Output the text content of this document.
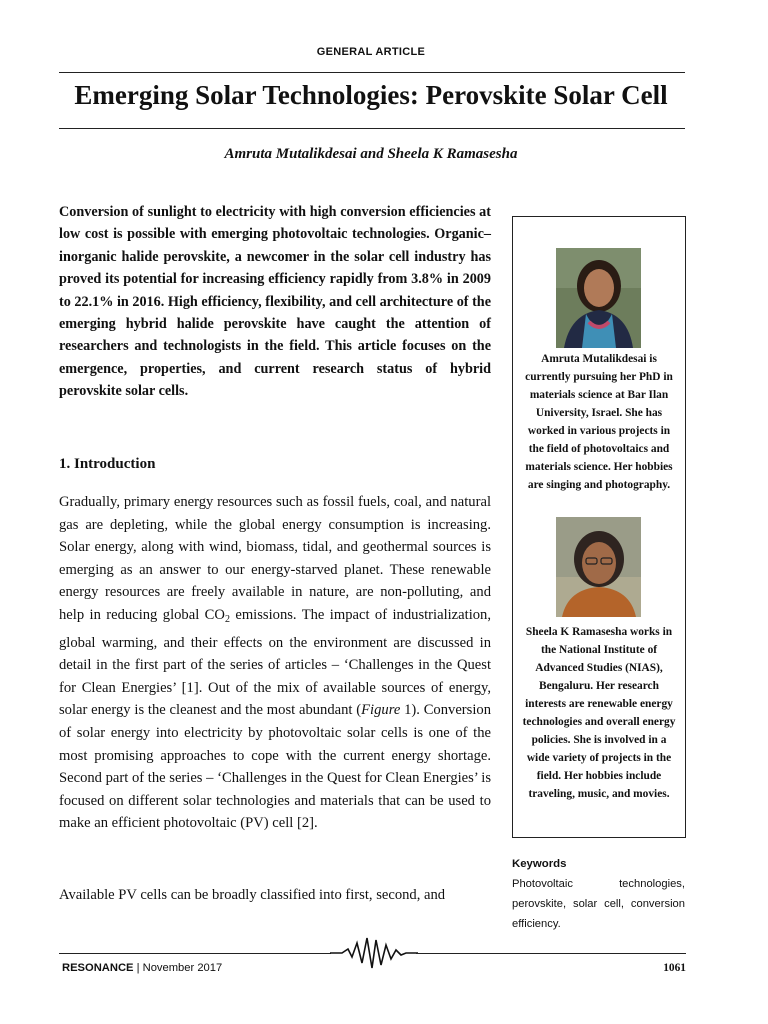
GENERAL ARTICLE
Emerging Solar Technologies: Perovskite Solar Cell
Amruta Mutalikdesai and Sheela K Ramasesha
Conversion of sunlight to electricity with high conversion efficiencies at low cost is possible with emerging photovoltaic technologies. Organic–inorganic halide perovskite, a newcomer in the solar cell industry has proved its potential for increasing efficiency rapidly from 3.8% in 2009 to 22.1% in 2016. High efficiency, flexibility, and cell architecture of the emerging hybrid halide perovskite have caught the attention of researchers and technologists in the field. This article focuses on the emergence, properties, and current research status of hybrid perovskite solar cells.
1. Introduction
Gradually, primary energy resources such as fossil fuels, coal, and natural gas are depleting, while the global energy consumption is increasing. Solar energy, along with wind, biomass, tidal, and geothermal sources is emerging as an answer to our energy-starved planet. These renewable energy resources are freely available in nature, are non-polluting, and help in reducing global $CO_2$ emissions. The impact of industrialization, global warming, and their effects on the environment are discussed in detail in the first part of the series of articles – ‘Challenges in the Quest for Clean Energies’ [1]. Out of the mix of available sources of energy, solar energy is the cleanest and the most abundant (Figure 1). Conversion of solar energy into electricity by photovoltaic solar cells is one of the most promising approaches to cope with the current energy shortage. Second part of the series – ‘Challenges in the Quest for Clean Energies’ is focused on different solar technologies and materials that can be used to make an efficient photovoltaic (PV) cell [2].
Available PV cells can be broadly classified into first, second, and
Amruta Mutalikdesai is currently pursuing her PhD in materials science at Bar Ilan University, Israel. She has worked in various projects in the field of photovoltaics and materials science. Her hobbies are singing and photography.
Sheela K Ramasesha works in the National Institute of Advanced Studies (NIAS), Bengaluru. Her research interests are renewable energy technologies and overall energy policies. She is involved in a wide variety of projects in the field. Her hobbies include traveling, music, and movies.
Keywords
Photovoltaic technologies, perovskite, solar cell, conversion efficiency.
RESONANCE | November 2017	1061
